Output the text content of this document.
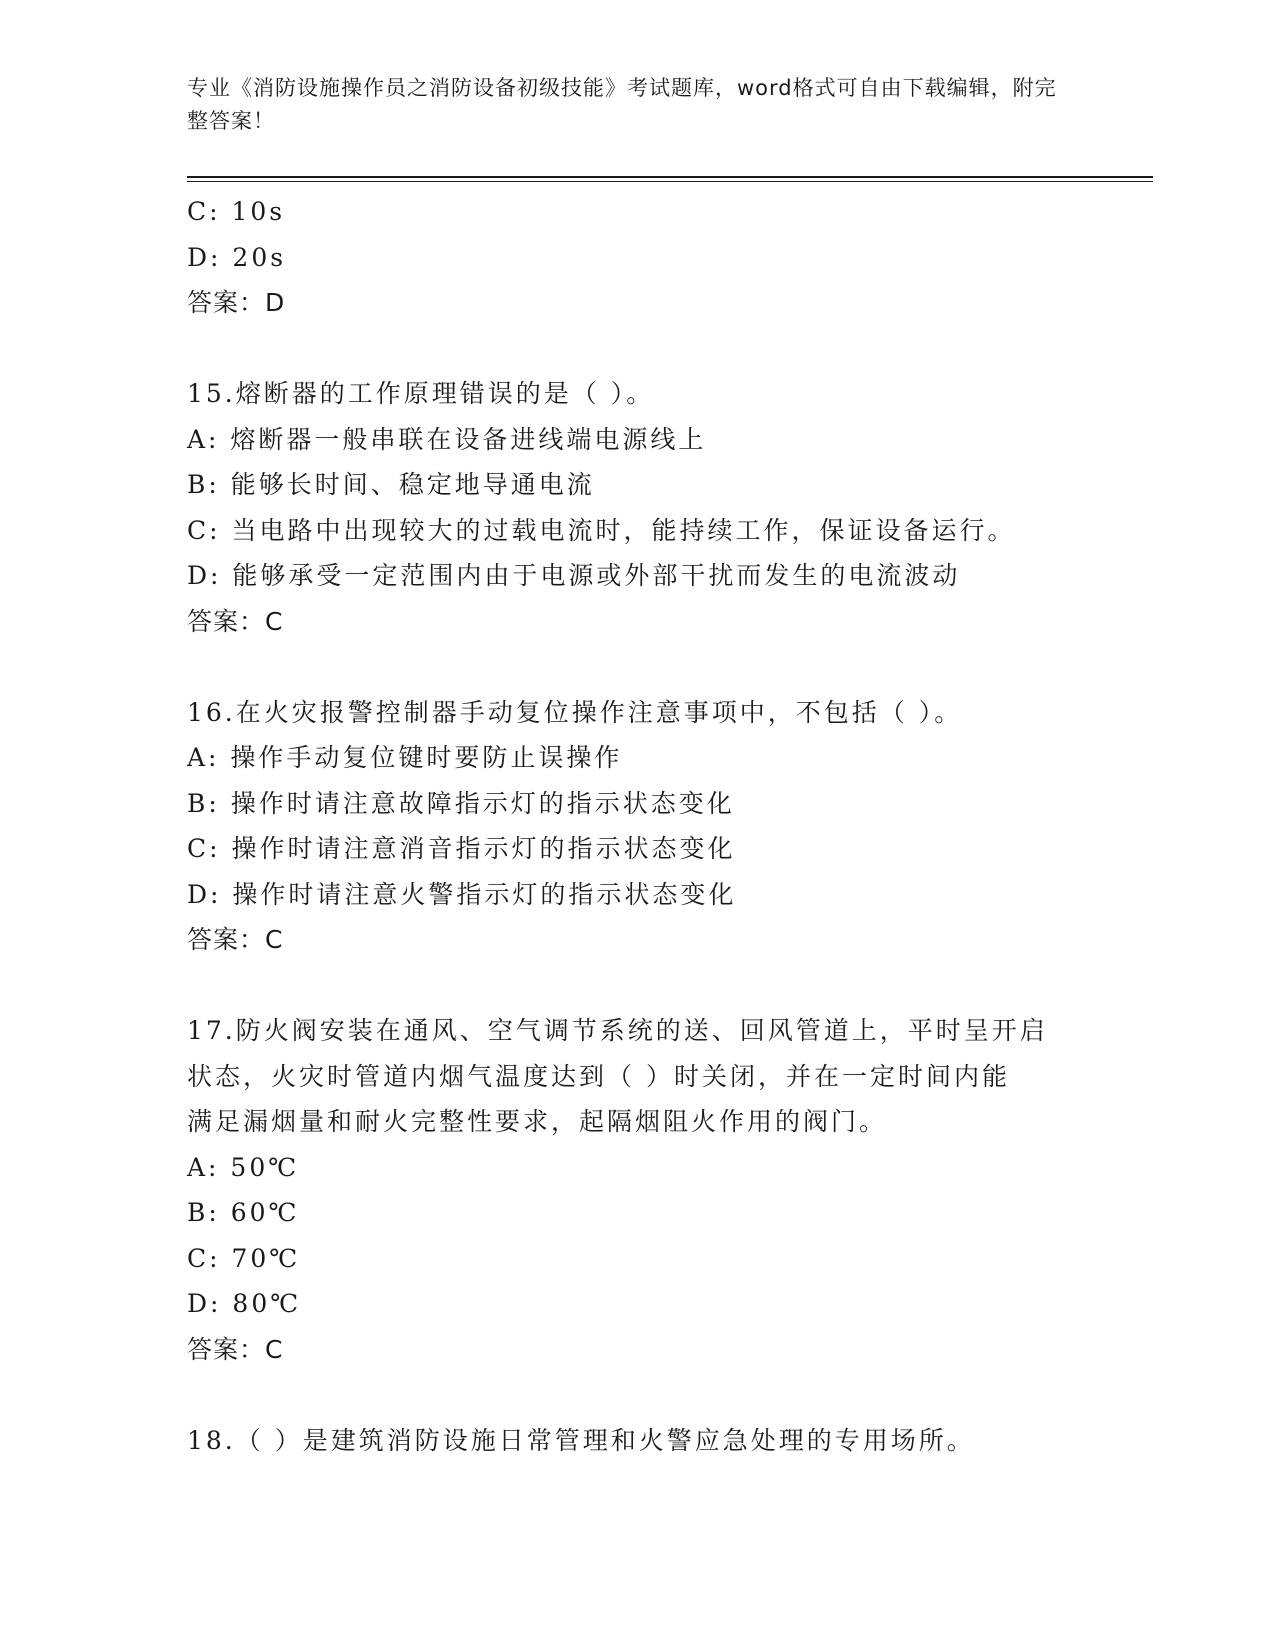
专业《消防设施操作员之消防设备初级技能》考试题库，word格式可自由下载编辑，附完整答案！
C: 10s
D: 20s
答案：D
15.熔断器的工作原理错误的是（ ）。
A: 熔断器一般串联在设备进线端电源线上
B: 能够长时间、稳定地导通电流
C: 当电路中出现较大的过载电流时，能持续工作，保证设备运行。
D: 能够承受一定范围内由于电源或外部干扰而发生的电流波动
答案：C
16.在火灾报警控制器手动复位操作注意事项中，不包括（ ）。
A: 操作手动复位键时要防止误操作
B: 操作时请注意故障指示灯的指示状态变化
C: 操作时请注意消音指示灯的指示状态变化
D: 操作时请注意火警指示灯的指示状态变化
答案：C
17.防火阀安装在通风、空气调节系统的送、回风管道上，平时呈开启
状态，火灾时管道内烟气温度达到（ ）时关闭，并在一定时间内能
满足漏烟量和耐火完整性要求，起隔烟阻火作用的阀门。
A: 50℃
B: 60℃
C: 70℃
D: 80℃
答案：C
18.（ ）是建筑消防设施日常管理和火警应急处理的专用场所。
